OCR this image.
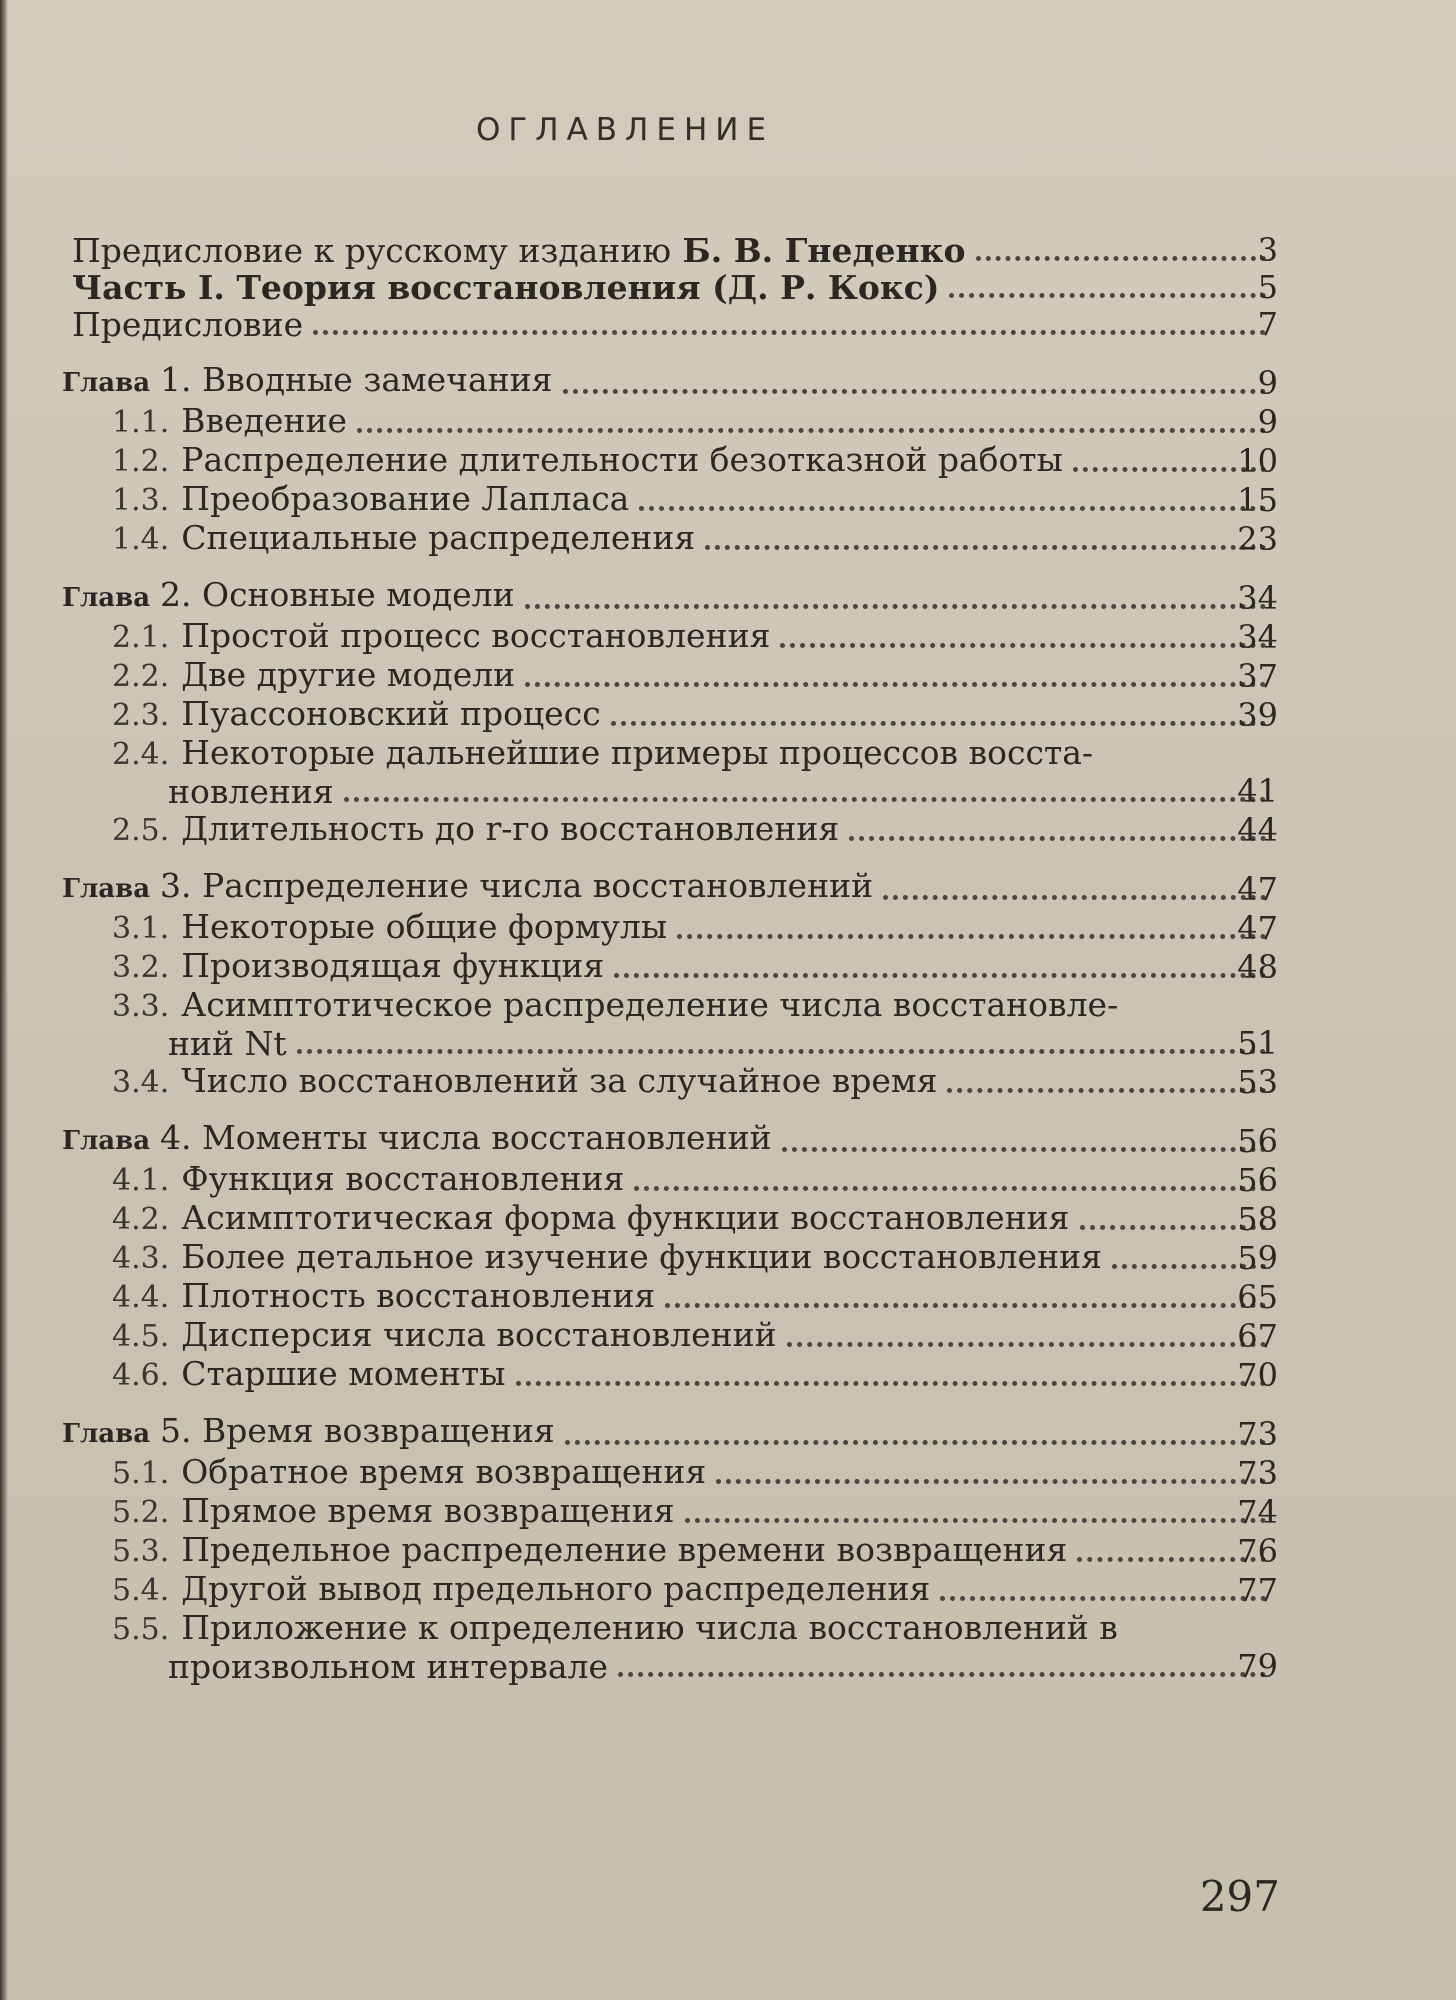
ОГЛАВЛЕНИЕ
Предисловие к русскому изданию Б. В. Гнеденко	3
Часть I. Теория восстановления (Д. Р. Кокс)	5
Предисловие	7
Глава 1. Вводные замечания	9
1.1. Введение	9
1.2. Распределение длительности безотказной работы	10
1.3. Преобразование Лапласа	15
1.4. Специальные распределения	23
Глава 2. Основные модели	34
2.1. Простой процесс восстановления	34
2.2. Две другие модели	37
2.3. Пуассоновский процесс	39
2.4. Некоторые дальнейшие примеры процессов восста-
новления	41
2.5. Длительность до r-го восстановления	44
Глава 3. Распределение числа восстановлений	47
3.1. Некоторые общие формулы	47
3.2. Производящая функция	48
3.3. Асимптотическое распределение числа восстановле-
ний Nt	51
3.4. Число восстановлений за случайное время	53
Глава 4. Моменты числа восстановлений	56
4.1. Функция восстановления	56
4.2. Асимптотическая форма функции восстановления	58
4.3. Более детальное изучение функции восстановления	59
4.4. Плотность восстановления	65
4.5. Дисперсия числа восстановлений	67
4.6. Старшие моменты	70
Глава 5. Время возвращения	73
5.1. Обратное время возвращения	73
5.2. Прямое время возвращения	74
5.3. Предельное распределение времени возвращения	76
5.4. Другой вывод предельного распределения	77
5.5. Приложение к определению числа восстановлений в
произвольном интервале	79
297
